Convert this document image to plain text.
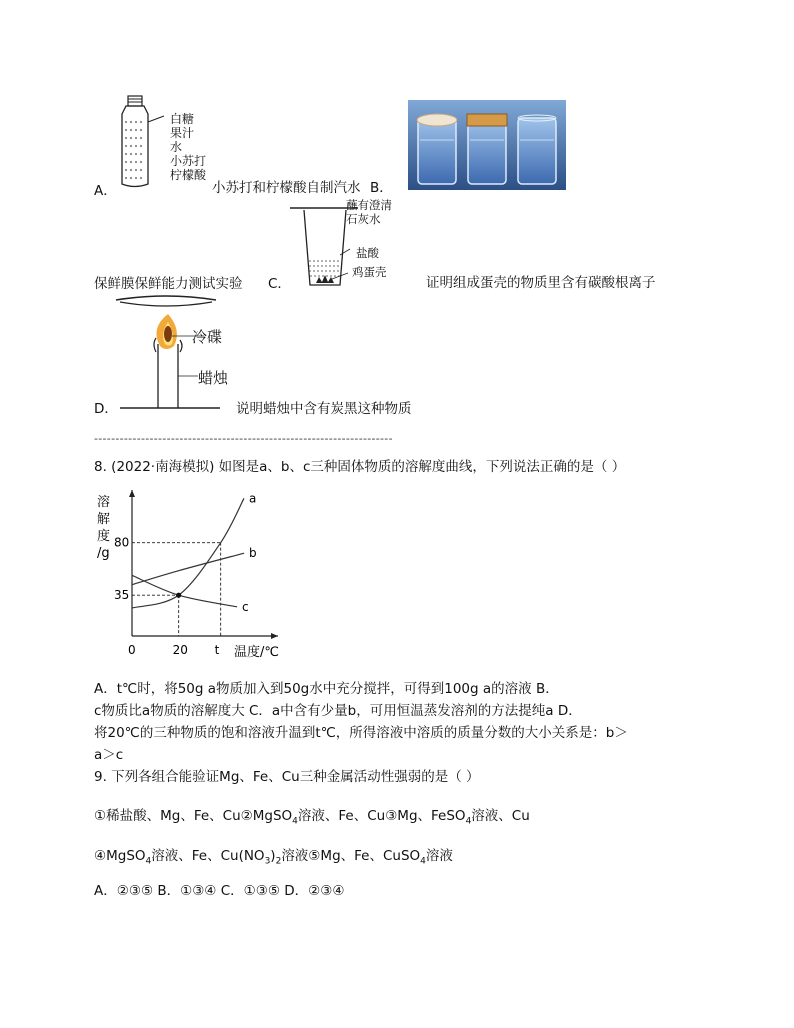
白糖
果汁
水
小苏打
柠檬酸
A．	小苏打和柠檬酸自制汽水 B．
蘸有澄清
石灰水
盐酸
鸡蛋壳
保鲜膜保鲜能力测试实验 C．	证明组成蛋壳的物质里含有碳酸根离子
冷碟
蜡烛
D．	说明蜡烛中含有炭黑这种物质
----------------------------------------------------------------------
8. (2022·南海模拟) 如图是a、b、c三种固体物质的溶解度曲线，下列说法正确的是（ ）
溶
解
度
/g
a
b
c
0	20 t
35
80
温度/℃
A．t℃时，将50g a物质加入到50g水中充分搅拌，可得到100g a的溶液 B．
c物质比a物质的溶解度大 C．a中含有少量b，可用恒温蒸发溶剂的方法提纯a D．
将20℃的三种物质的饱和溶液升温到t℃，所得溶液中溶质的质量分数的大小关系是：b＞
a＞c
9. 下列各组合能验证Mg、Fe、Cu三种金属活动性强弱的是（ ）
①稀盐酸、Mg、Fe、Cu②MgSO$_4$溶液、Fe、Cu③Mg、FeSO$_4$溶液、Cu
④MgSO$_4$溶液、Fe、$Cu(NO_3)_2$溶液⑤Mg、Fe、CuSO$_4$溶液
A．②③⑤ B．①③④ C．①③⑤ D．②③④
